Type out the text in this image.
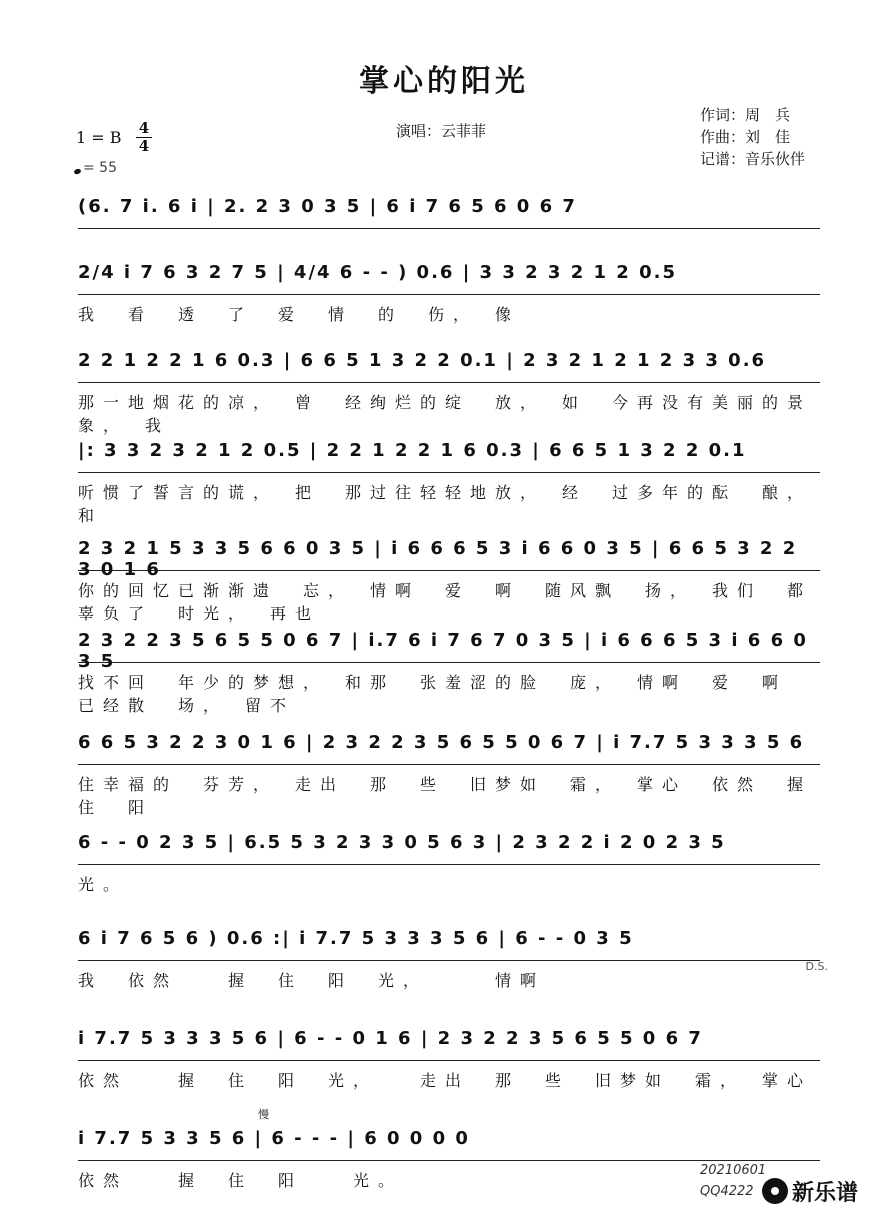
掌心的阳光
演唱：云菲菲
作词：周　兵
作曲：刘　佳
记谱：音乐伙伴
1 = B $\frac{4}{4}$
= 55
(6. 7 i. 6 i | 2. 2 3 0 3 5 | 6 i 7 6 5 6 0 6 7
2/4 i 7 6 3 2 7 5 | 4/4 6 - - ) 0.6 | 3 3 2 3 2 1 2 0.5
我　看　透　了　爱　情　的　伤，　像
2 2 1 2 2 1 6 0.3 | 6 6 5 1 3 2 2 0.1 | 2 3 2 1 2 1 2 3 3 0.6
那一地烟花的凉，　曾　经绚烂的绽　放，　如　今再没有美丽的景象，　我
|: 3 3 2 3 2 1 2 0.5 | 2 2 1 2 2 1 6 0.3 | 6 6 5 1 3 2 2 0.1
听惯了誓言的谎，　把　那过往轻轻地放，　经　过多年的酝　酿，　和
2 3 2 1 5 3 3 5 6 6 0 3 5 | i 6 6 6 5 3 i 6 6 0 3 5 | 6 6 5 3 2 2 3 0 1 6
你的回忆已渐渐遗　忘，　情啊　爱　啊　随风飘　扬，　我们　都辜负了　时光，　再也
2 3 2 2 3 5 6 5 5 0 6 7 | i.7 6 i 7 6 7 0 3 5 | i 6 6 6 5 3 i 6 6 0 3 5
找不回　年少的梦想，　和那　张羞涩的脸　庞，　情啊　爱　啊　已经散　场，　留不
6 6 5 3 2 2 3 0 1 6 | 2 3 2 2 3 5 6 5 5 0 6 7 | i 7.7 5 3 3 3 5 6
住幸福的　芬芳，　走出　那　些　旧梦如　霜，　掌心　依然　握　住　阳
6 - - 0 2 3 5 | 6.5 5 3 2 3 3 0 5 6 3 | 2 3 2 2 i 2 0 2 3 5
光。
6 i 7 6 5 6 ) 0.6 :| i 7.7 5 3 3 3 5 6 | 6 - - 0 3 5
我　依然　　握　住　阳　光，　　　情啊
D.S.
i 7.7 5 3 3 3 5 6 | 6 - - 0 1 6 | 2 3 2 2 3 5 6 5 5 0 6 7
依然　　握　住　阳　光，　　走出　那　些　旧梦如　霜，　掌心
慢
i 7.7 5 3 3 5 6 | 6 - - - | 6 0 0 0 0
依然　　握　住　阳　　光。
20210601
QQ4222 新乐谱
